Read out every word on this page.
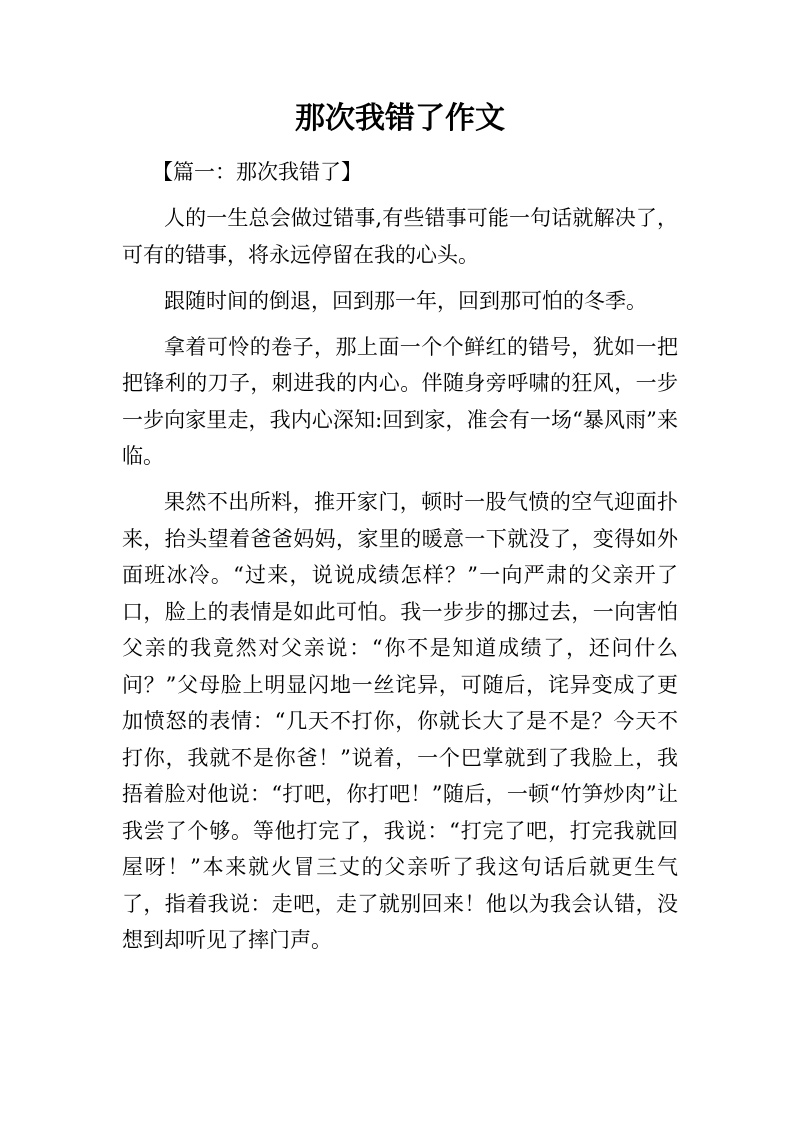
那次我错了作文

【篇一：那次我错了】

人的一生总会做过错事,有些错事可能一句话就解决了，可有的错事，将永远停留在我的心头。

跟随时间的倒退，回到那一年，回到那可怕的冬季。

拿着可怜的卷子，那上面一个个鲜红的错号，犹如一把把锋利的刀子，刺进我的内心。伴随身旁呼啸的狂风，一步一步向家里走，我内心深知:回到家，准会有一场“暴风雨”来临。

果然不出所料，推开家门，顿时一股气愤的空气迎面扑来，抬头望着爸爸妈妈，家里的暖意一下就没了，变得如外面班冰冷。“过来，说说成绩怎样？”一向严肃的父亲开了口，脸上的表情是如此可怕。我一步步的挪过去，一向害怕父亲的我竟然对父亲说：“你不是知道成绩了，还问什么问？”父母脸上明显闪地一丝诧异，可随后，诧异变成了更加愤怒的表情：“几天不打你，你就长大了是不是？今天不打你，我就不是你爸！”说着，一个巴掌就到了我脸上，我捂着脸对他说：“打吧，你打吧！”随后，一顿“竹笋炒肉”让我尝了个够。等他打完了，我说：“打完了吧，打完我就回屋呀！”本来就火冒三丈的父亲听了我这句话后就更生气了，指着我说：走吧，走了就别回来！他以为我会认错，没想到却听见了摔门声。
